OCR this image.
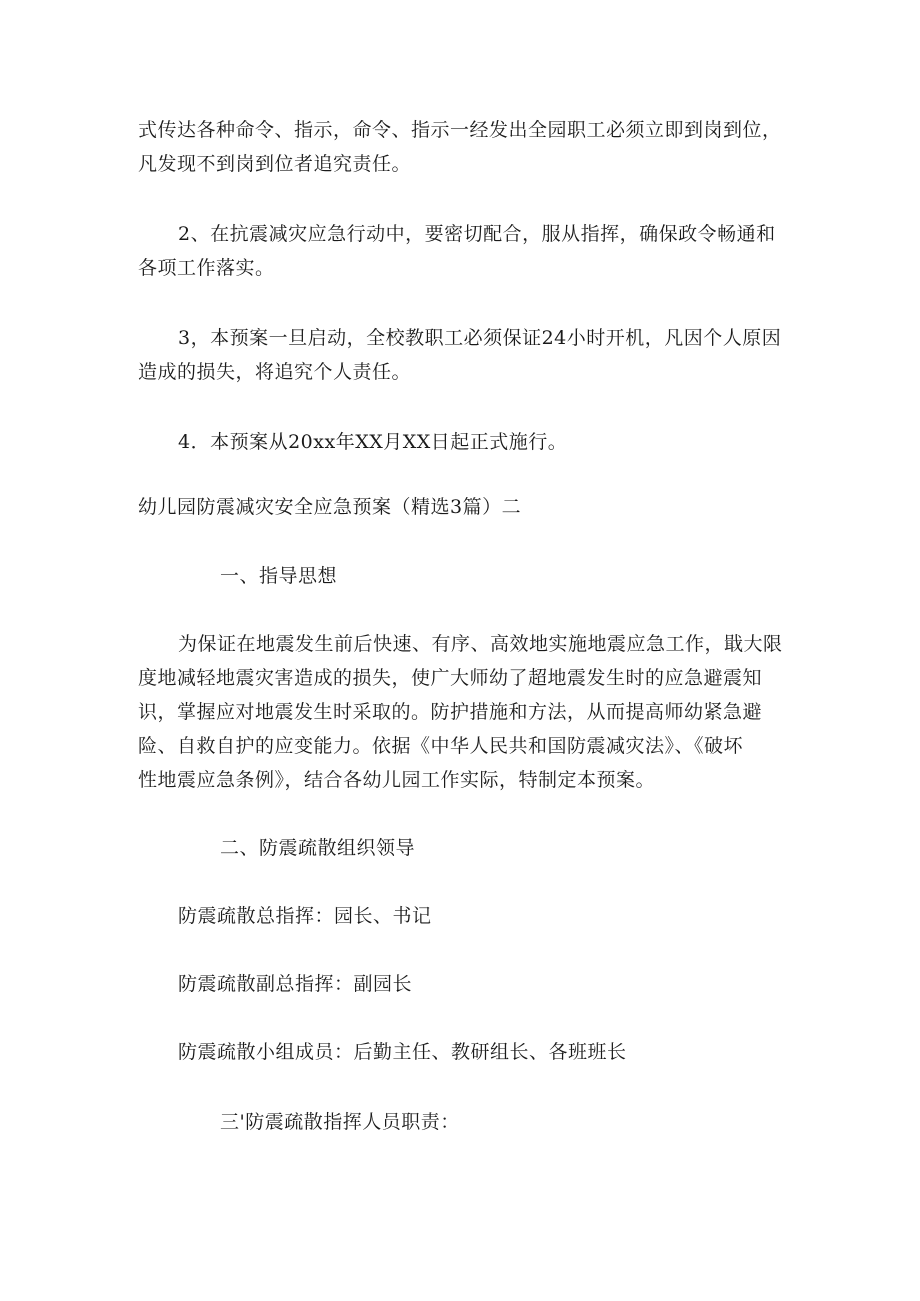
式传达各种命令、指示，命令、指示一经发出全园职工必须立即到岗到位，
凡发现不到岗到位者追究责任。
2、在抗震减灾应急行动中，要密切配合，服从指挥，确保政令畅通和
各项工作落实。
3，本预案一旦启动，全校教职工必须保证24小时开机，凡因个人原因
造成的损失，将追究个人责任。
4．本预案从20xx年XX月XX日起正式施行。
幼儿园防震减灾安全应急预案（精选3篇）二
一、指导思想
为保证在地震发生前后快速、有序、高效地实施地震应急工作，戢大限
度地减轻地震灾害造成的损失，使广大师幼了超地震发生时的应急避震知
识，掌握应对地震发生时采取的。防护措施和方法，从而提高师幼紧急避
险、自救自护的应变能力。依据《中华人民共和国防震减灾法》、《破坏
性地震应急条例》，结合各幼儿园工作实际，特制定本预案。
二、防震疏散组织领导
防震疏散总指挥：园长、书记
防震疏散副总指挥：副园长
防震疏散小组成员：后勤主任、教研组长、各班班长
三'防震疏散指挥人员职责：
